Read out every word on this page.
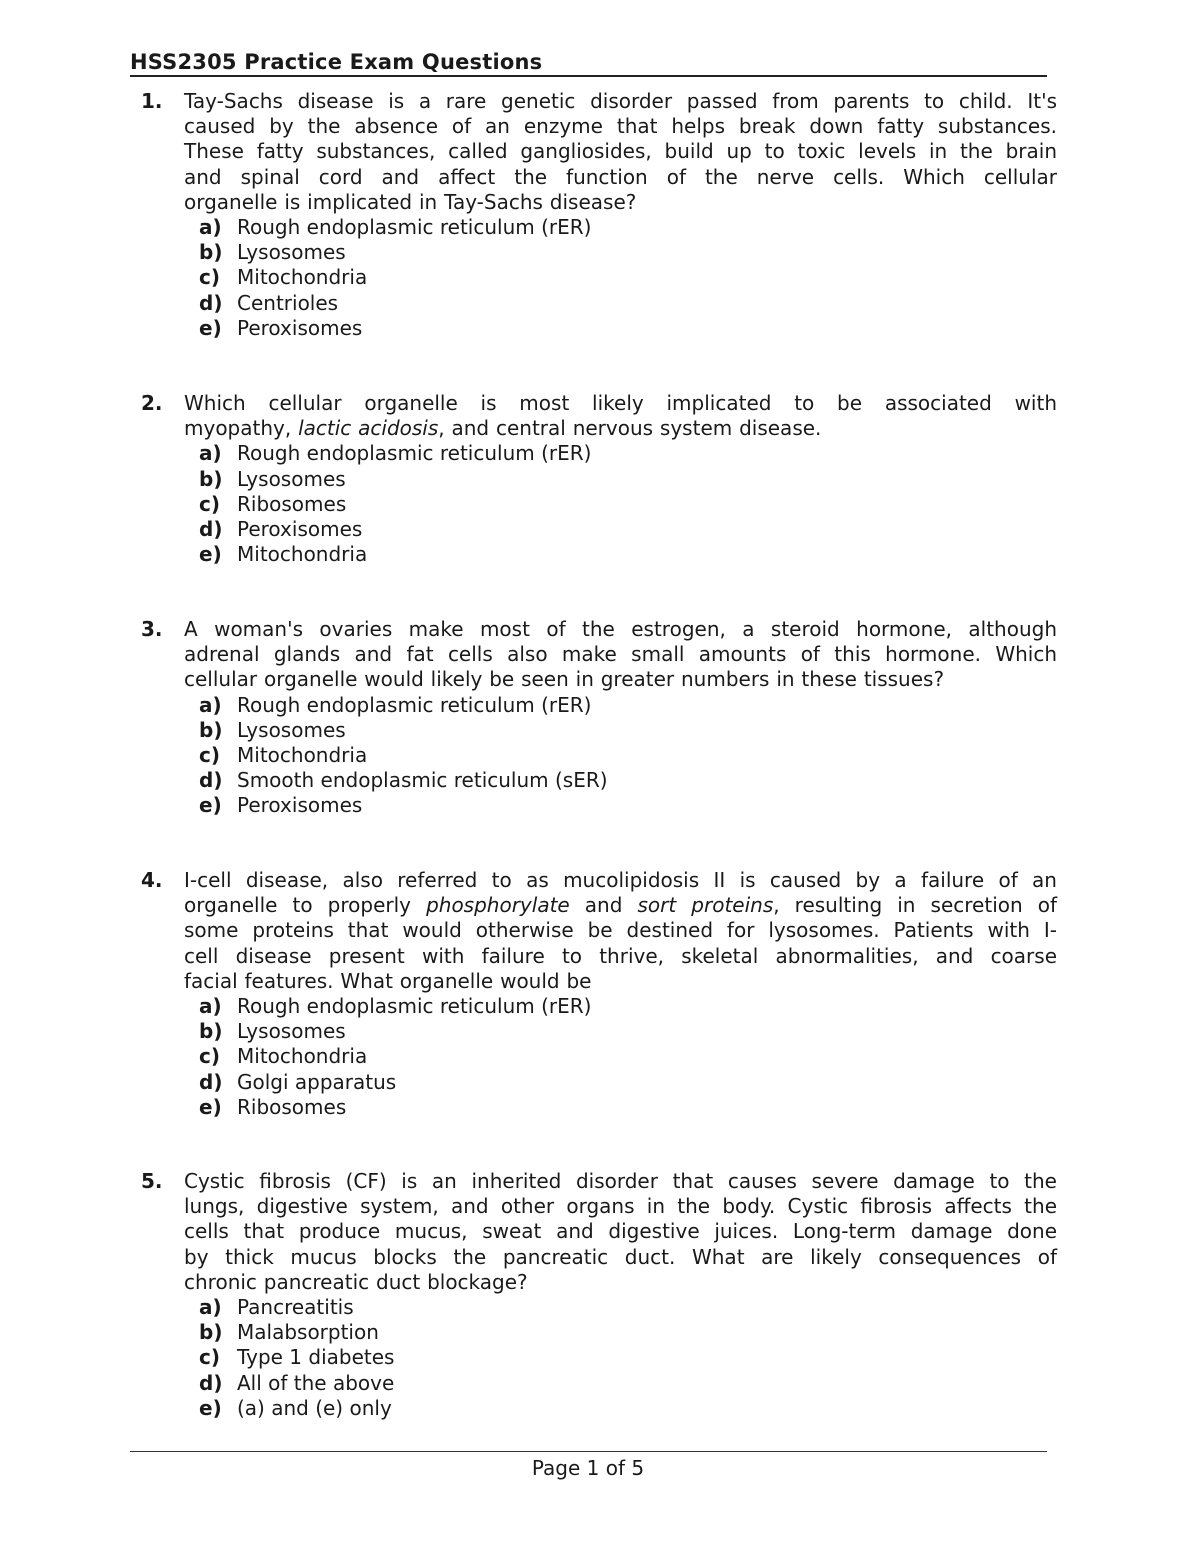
HSS2305 Practice Exam Questions
1. Tay-Sachs disease is a rare genetic disorder passed from parents to child. It's
caused by the absence of an enzyme that helps break down fatty substances.
These fatty substances, called gangliosides, build up to toxic levels in the brain
and spinal cord and affect the function of the nerve cells. Which cellular
organelle is implicated in Tay-Sachs disease?
a) Rough endoplasmic reticulum (rER)
b) Lysosomes
c) Mitochondria
d) Centrioles
e) Peroxisomes
2. Which cellular organelle is most likely implicated to be associated with
myopathy, lactic acidosis, and central nervous system disease.
a) Rough endoplasmic reticulum (rER)
b) Lysosomes
c) Ribosomes
d) Peroxisomes
e) Mitochondria
3. A woman's ovaries make most of the estrogen, a steroid hormone, although
adrenal glands and fat cells also make small amounts of this hormone. Which
cellular organelle would likely be seen in greater numbers in these tissues?
a) Rough endoplasmic reticulum (rER)
b) Lysosomes
c) Mitochondria
d) Smooth endoplasmic reticulum (sER)
e) Peroxisomes
4. I-cell disease, also referred to as mucolipidosis II is caused by a failure of an
organelle to properly phosphorylate and sort proteins, resulting in secretion of
some proteins that would otherwise be destined for lysosomes. Patients with I-
cell disease present with failure to thrive, skeletal abnormalities, and coarse
facial features. What organelle would be
a) Rough endoplasmic reticulum (rER)
b) Lysosomes
c) Mitochondria
d) Golgi apparatus
e) Ribosomes
5. Cystic fibrosis (CF) is an inherited disorder that causes severe damage to the
lungs, digestive system, and other organs in the body. Cystic fibrosis affects the
cells that produce mucus, sweat and digestive juices. Long-term damage done
by thick mucus blocks the pancreatic duct. What are likely consequences of
chronic pancreatic duct blockage?
a) Pancreatitis
b) Malabsorption
c) Type 1 diabetes
d) All of the above
e) (a) and (e) only
Page 1 of 5
